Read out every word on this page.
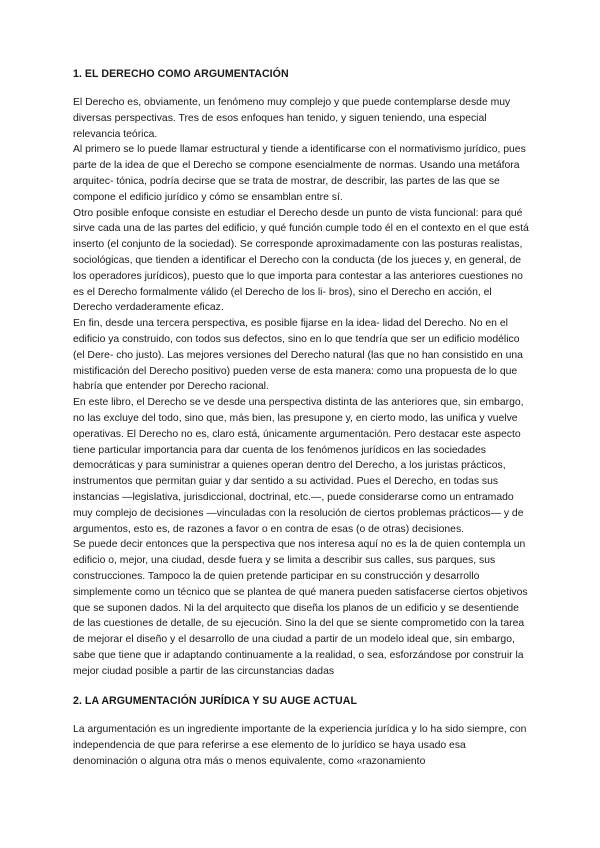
1. EL DERECHO COMO ARGUMENTACIÓN

El Derecho es, obviamente, un fenómeno muy complejo y que puede contemplarse desde muy diversas perspectivas. Tres de esos enfoques han tenido, y siguen teniendo, una especial relevancia teórica.

Al primero se lo puede llamar estructural y tiende a identificarse con el normativismo jurídico, pues parte de la idea de que el Derecho se compone esencialmente de normas. Usando una metáfora arquitec- tónica, podría decirse que se trata de mostrar, de describir, las partes de las que se compone el edificio jurídico y cómo se ensamblan entre sí.

Otro posible enfoque consiste en estudiar el Derecho desde un punto de vista funcional: para qué sirve cada una de las partes del edificio, y qué función cumple todo él en el contexto en el que está inserto (el conjunto de la sociedad). Se corresponde aproximadamente con las posturas realistas, sociológicas, que tienden a identificar el Derecho con la conducta (de los jueces y, en general, de los operadores jurídicos), puesto que lo que importa para contestar a las anteriores cuestiones no es el Derecho formalmente válido (el Derecho de los li- bros), sino el Derecho en acción, el Derecho verdaderamente eficaz.

En fin, desde una tercera perspectiva, es posible fijarse en la idea- lidad del Derecho. No en el edificio ya construido, con todos sus defectos, sino en lo que tendría que ser un edificio modélico (el Dere- cho justo). Las mejores versiones del Derecho natural (las que no han consistido en una mistificación del Derecho positivo) pueden verse de esta manera: como una propuesta de lo que habría que entender por Derecho racional.

En este libro, el Derecho se ve desde una perspectiva distinta de las anteriores que, sin embargo, no las excluye del todo, sino que, más bien, las presupone y, en cierto modo, las unifica y vuelve operativas. El Derecho no es, claro está, únicamente argumentación. Pero destacar este aspecto tiene particular importancia para dar cuenta de los fenómenos jurídicos en las sociedades democráticas y para suministrar a quienes operan dentro del Derecho, a los juristas prácticos, instrumentos que permitan guiar y dar sentido a su actividad. Pues el Derecho, en todas sus instancias —legislativa, jurisdiccional, doctrinal, etc.—, puede considerarse como un entramado muy complejo de decisiones —vinculadas con la resolución de ciertos problemas prácticos— y de argumentos, esto es, de razones a favor o en contra de esas (o de otras) decisiones.

Se puede decir entonces que la perspectiva que nos interesa aquí no es la de quien contempla un edificio o, mejor, una ciudad, desde fuera y se limita a describir sus calles, sus parques, sus construcciones. Tampoco la de quien pretende participar en su construcción y desarrollo simplemente como un técnico que se plantea de qué manera pueden satisfacerse ciertos objetivos que se suponen dados. Ni la del arquitecto que diseña los planos de un edificio y se desentiende de las cuestiones de detalle, de su ejecución. Sino la del que se siente comprometido con la tarea de mejorar el diseño y el desarrollo de una ciudad a partir de un modelo ideal que, sin embargo, sabe que tiene que ir adaptando continuamente a la realidad, o sea, esforzándose por construir la mejor ciudad posible a partir de las circunstancias dadas

2. LA ARGUMENTACIÓN JURÍDICA Y SU AUGE ACTUAL

La argumentación es un ingrediente importante de la experiencia jurídica y lo ha sido siempre, con independencia de que para referirse a ese elemento de lo jurídico se haya usado esa denominación o alguna otra más o menos equivalente, como «razonamiento
